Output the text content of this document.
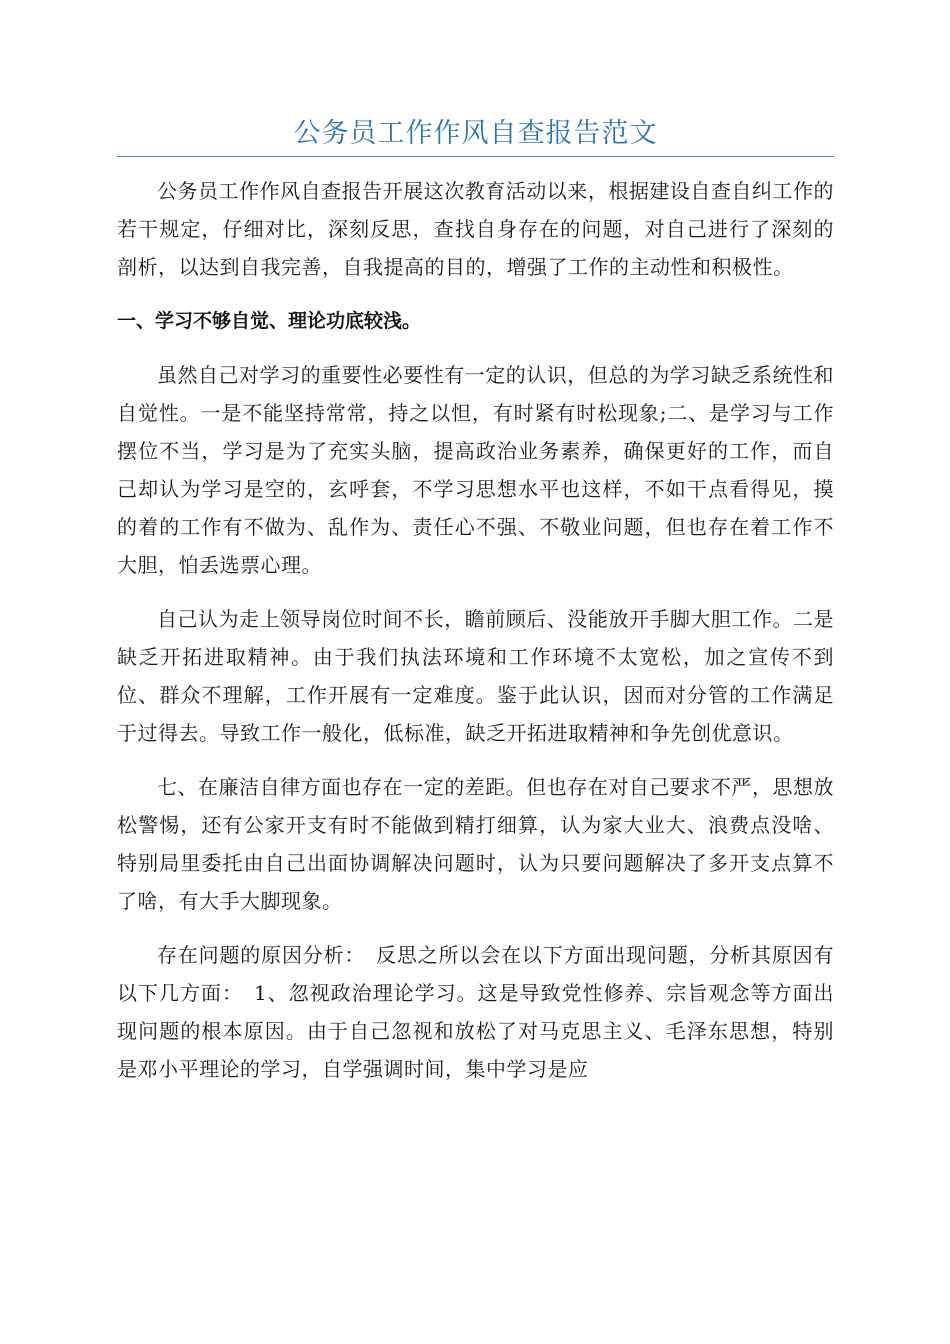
公务员工作作风自查报告范文

公务员工作作风自查报告开展这次教育活动以来，根据建设自查自纠工作的若干规定，仔细对比，深刻反思，查找自身存在的问题，对自己进行了深刻的剖析，以达到自我完善，自我提高的目的，增强了工作的主动性和积极性。

一、学习不够自觉、理论功底较浅。

虽然自己对学习的重要性必要性有一定的认识，但总的为学习缺乏系统性和自觉性。一是不能坚持常常，持之以怛，有时紧有时松现象;二、是学习与工作摆位不当，学习是为了充实头脑，提高政治业务素养，确保更好的工作，而自己却认为学习是空的，玄呼套，不学习思想水平也这样，不如干点看得见，摸的着的工作有不做为、乱作为、责任心不强、不敬业问题，但也存在着工作不大胆，怕丢选票心理。

自己认为走上领导岗位时间不长，瞻前顾后、没能放开手脚大胆工作。二是缺乏开拓进取精神。由于我们执法环境和工作环境不太宽松，加之宣传不到位、群众不理解，工作开展有一定难度。鉴于此认识，因而对分管的工作满足于过得去。导致工作一般化，低标准，缺乏开拓进取精神和争先创优意识。

七、在廉洁自律方面也存在一定的差距。但也存在对自己要求不严，思想放松警惕，还有公家开支有时不能做到精打细算，认为家大业大、浪费点没啥、特别局里委托由自己出面协调解决问题时，认为只要问题解决了多开支点算不了啥，有大手大脚现象。

存在问题的原因分析：　反思之所以会在以下方面出现问题，分析其原因有以下几方面：　1、忽视政治理论学习。这是导致党性修养、宗旨观念等方面出现问题的根本原因。由于自己忽视和放松了对马克思主义、毛泽东思想，特别是邓小平理论的学习，自学强调时间，集中学习是应
